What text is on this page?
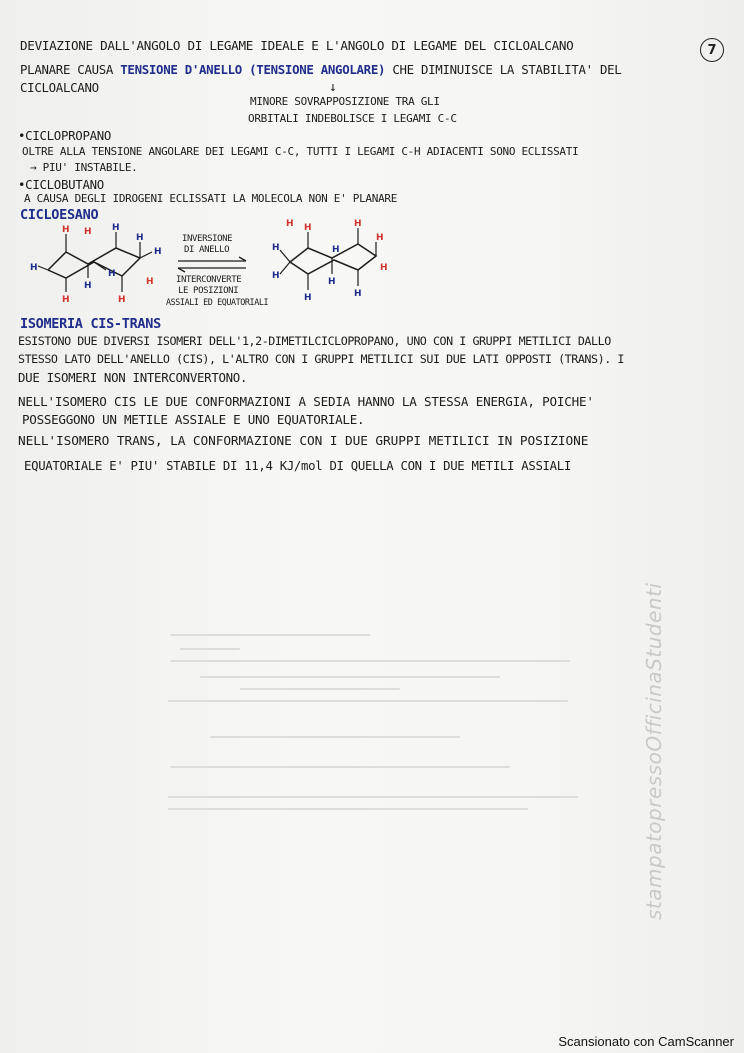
7
DEVIAZIONE DALL'ANGOLO DI LEGAME IDEALE E L'ANGOLO DI LEGAME DEL CICLOALCANO
PLANARE CAUSA TENSIONE D'ANELLO (TENSIONE ANGOLARE) CHE DIMINUISCE LA STABILITA' DEL
CICLOALCANO	↓
MINORE SOVRAPPOSIZIONE TRA GLI
ORBITALI INDEBOLISCE I LEGAMI C-C
•CICLOPROPANO
OLTRE ALLA TENSIONE ANGOLARE DEI LEGAMI C-C, TUTTI I LEGAMI C-H ADIACENTI SONO ECLISSATI
→ PIU' INSTABILE.
•CICLOBUTANO
A CAUSA DEGLI IDROGENI ECLISSATI LA MOLECOLA NON E' PLANARE
CICLOESANO
H H H
H
H
H
H
H
H
H
H
INVERSIONE
DI ANELLO
INTERCONVERTE
LE POSIZIONI
ASSIALI ED EQUATORIALI
H H	H
H
H
H
H
H
H	H
H
ISOMERIA CIS-TRANS
ESISTONO DUE DIVERSI ISOMERI DELL'1,2-DIMETILCICLOPROPANO, UNO CON I GRUPPI METILICI DALLO
STESSO LATO DELL'ANELLO (CIS), L'ALTRO CON I GRUPPI METILICI SUI DUE LATI OPPOSTI (TRANS). I
DUE ISOMERI NON INTERCONVERTONO.
NELL'ISOMERO CIS LE DUE CONFORMAZIONI A SEDIA HANNO LA STESSA ENERGIA, POICHE'
POSSEGGONO UN METILE ASSIALE E UNO EQUATORIALE.
NELL'ISOMERO TRANS, LA CONFORMAZIONE CON I DUE GRUPPI METILICI IN POSIZIONE
EQUATORIALE E' PIU' STABILE DI 11,4 KJ/mol DI QUELLA CON I DUE METILI ASSIALI
stampatopressoOfficinaStudenti
Scansionato con CamScanner
